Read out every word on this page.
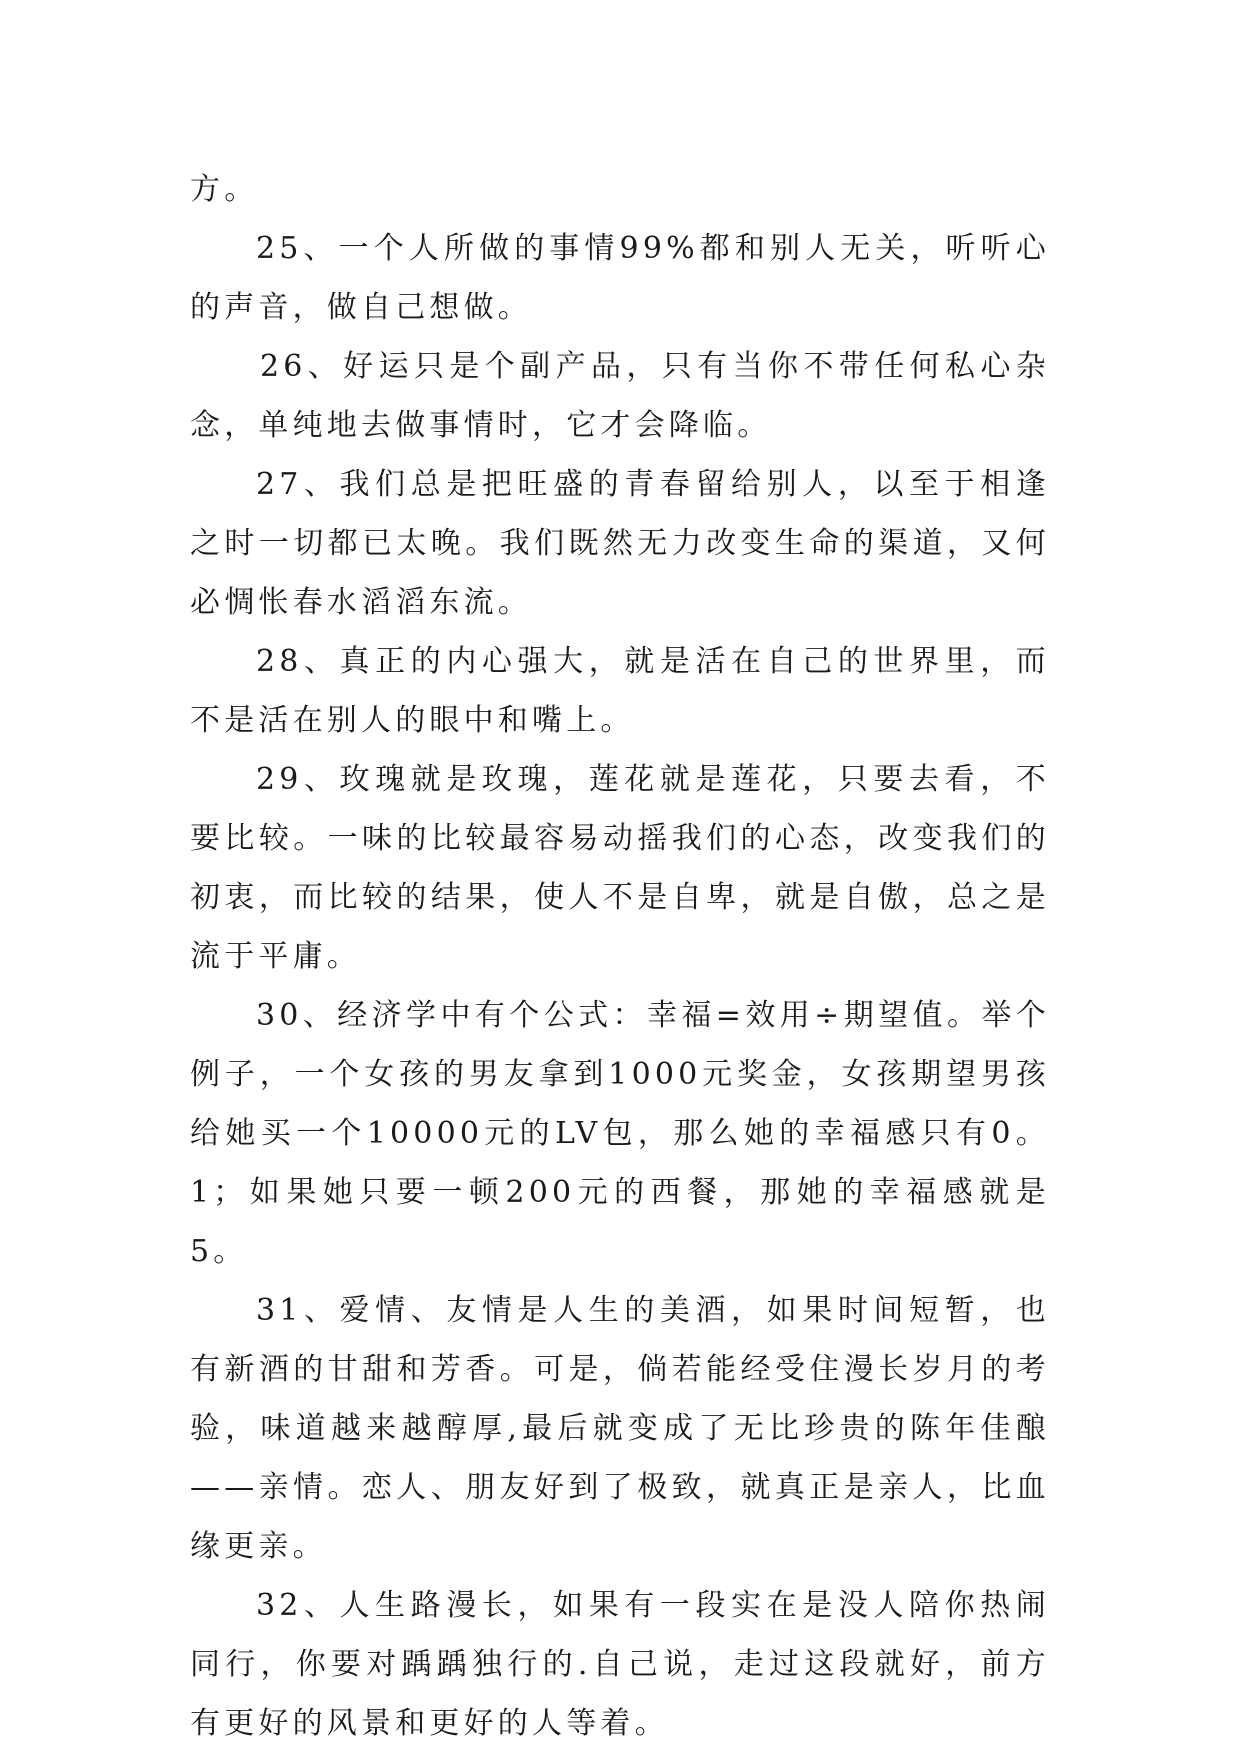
方。

25、一个人所做的事情99%都和别人无关，听听心的声音，做自己想做。

26、好运只是个副产品，只有当你不带任何私心杂念，单纯地去做事情时，它才会降临。

27、我们总是把旺盛的青春留给别人，以至于相逢之时一切都已太晚。我们既然无力改变生命的渠道，又何必惆怅春水滔滔东流。

28、真正的内心强大，就是活在自己的世界里，而不是活在别人的眼中和嘴上。

29、玫瑰就是玫瑰，莲花就是莲花，只要去看，不要比较。一味的比较最容易动摇我们的心态，改变我们的初衷，而比较的结果，使人不是自卑，就是自傲，总之是流于平庸。

30、经济学中有个公式：幸福=效用÷期望值。举个例子，一个女孩的男友拿到1000元奖金，女孩期望男孩给她买一个10000元的LV包，那么她的幸福感只有0。1；如果她只要一顿200元的西餐，那她的幸福感就是5。

31、爱情、友情是人生的美酒，如果时间短暂，也有新酒的甘甜和芳香。可是，倘若能经受住漫长岁月的考验，味道越来越醇厚,最后就变成了无比珍贵的陈年佳酿——亲情。恋人、朋友好到了极致，就真正是亲人，比血缘更亲。

32、人生路漫长，如果有一段实在是没人陪你热闹同行，你要对踽踽独行的.自己说，走过这段就好，前方有更好的风景和更好的人等着。
